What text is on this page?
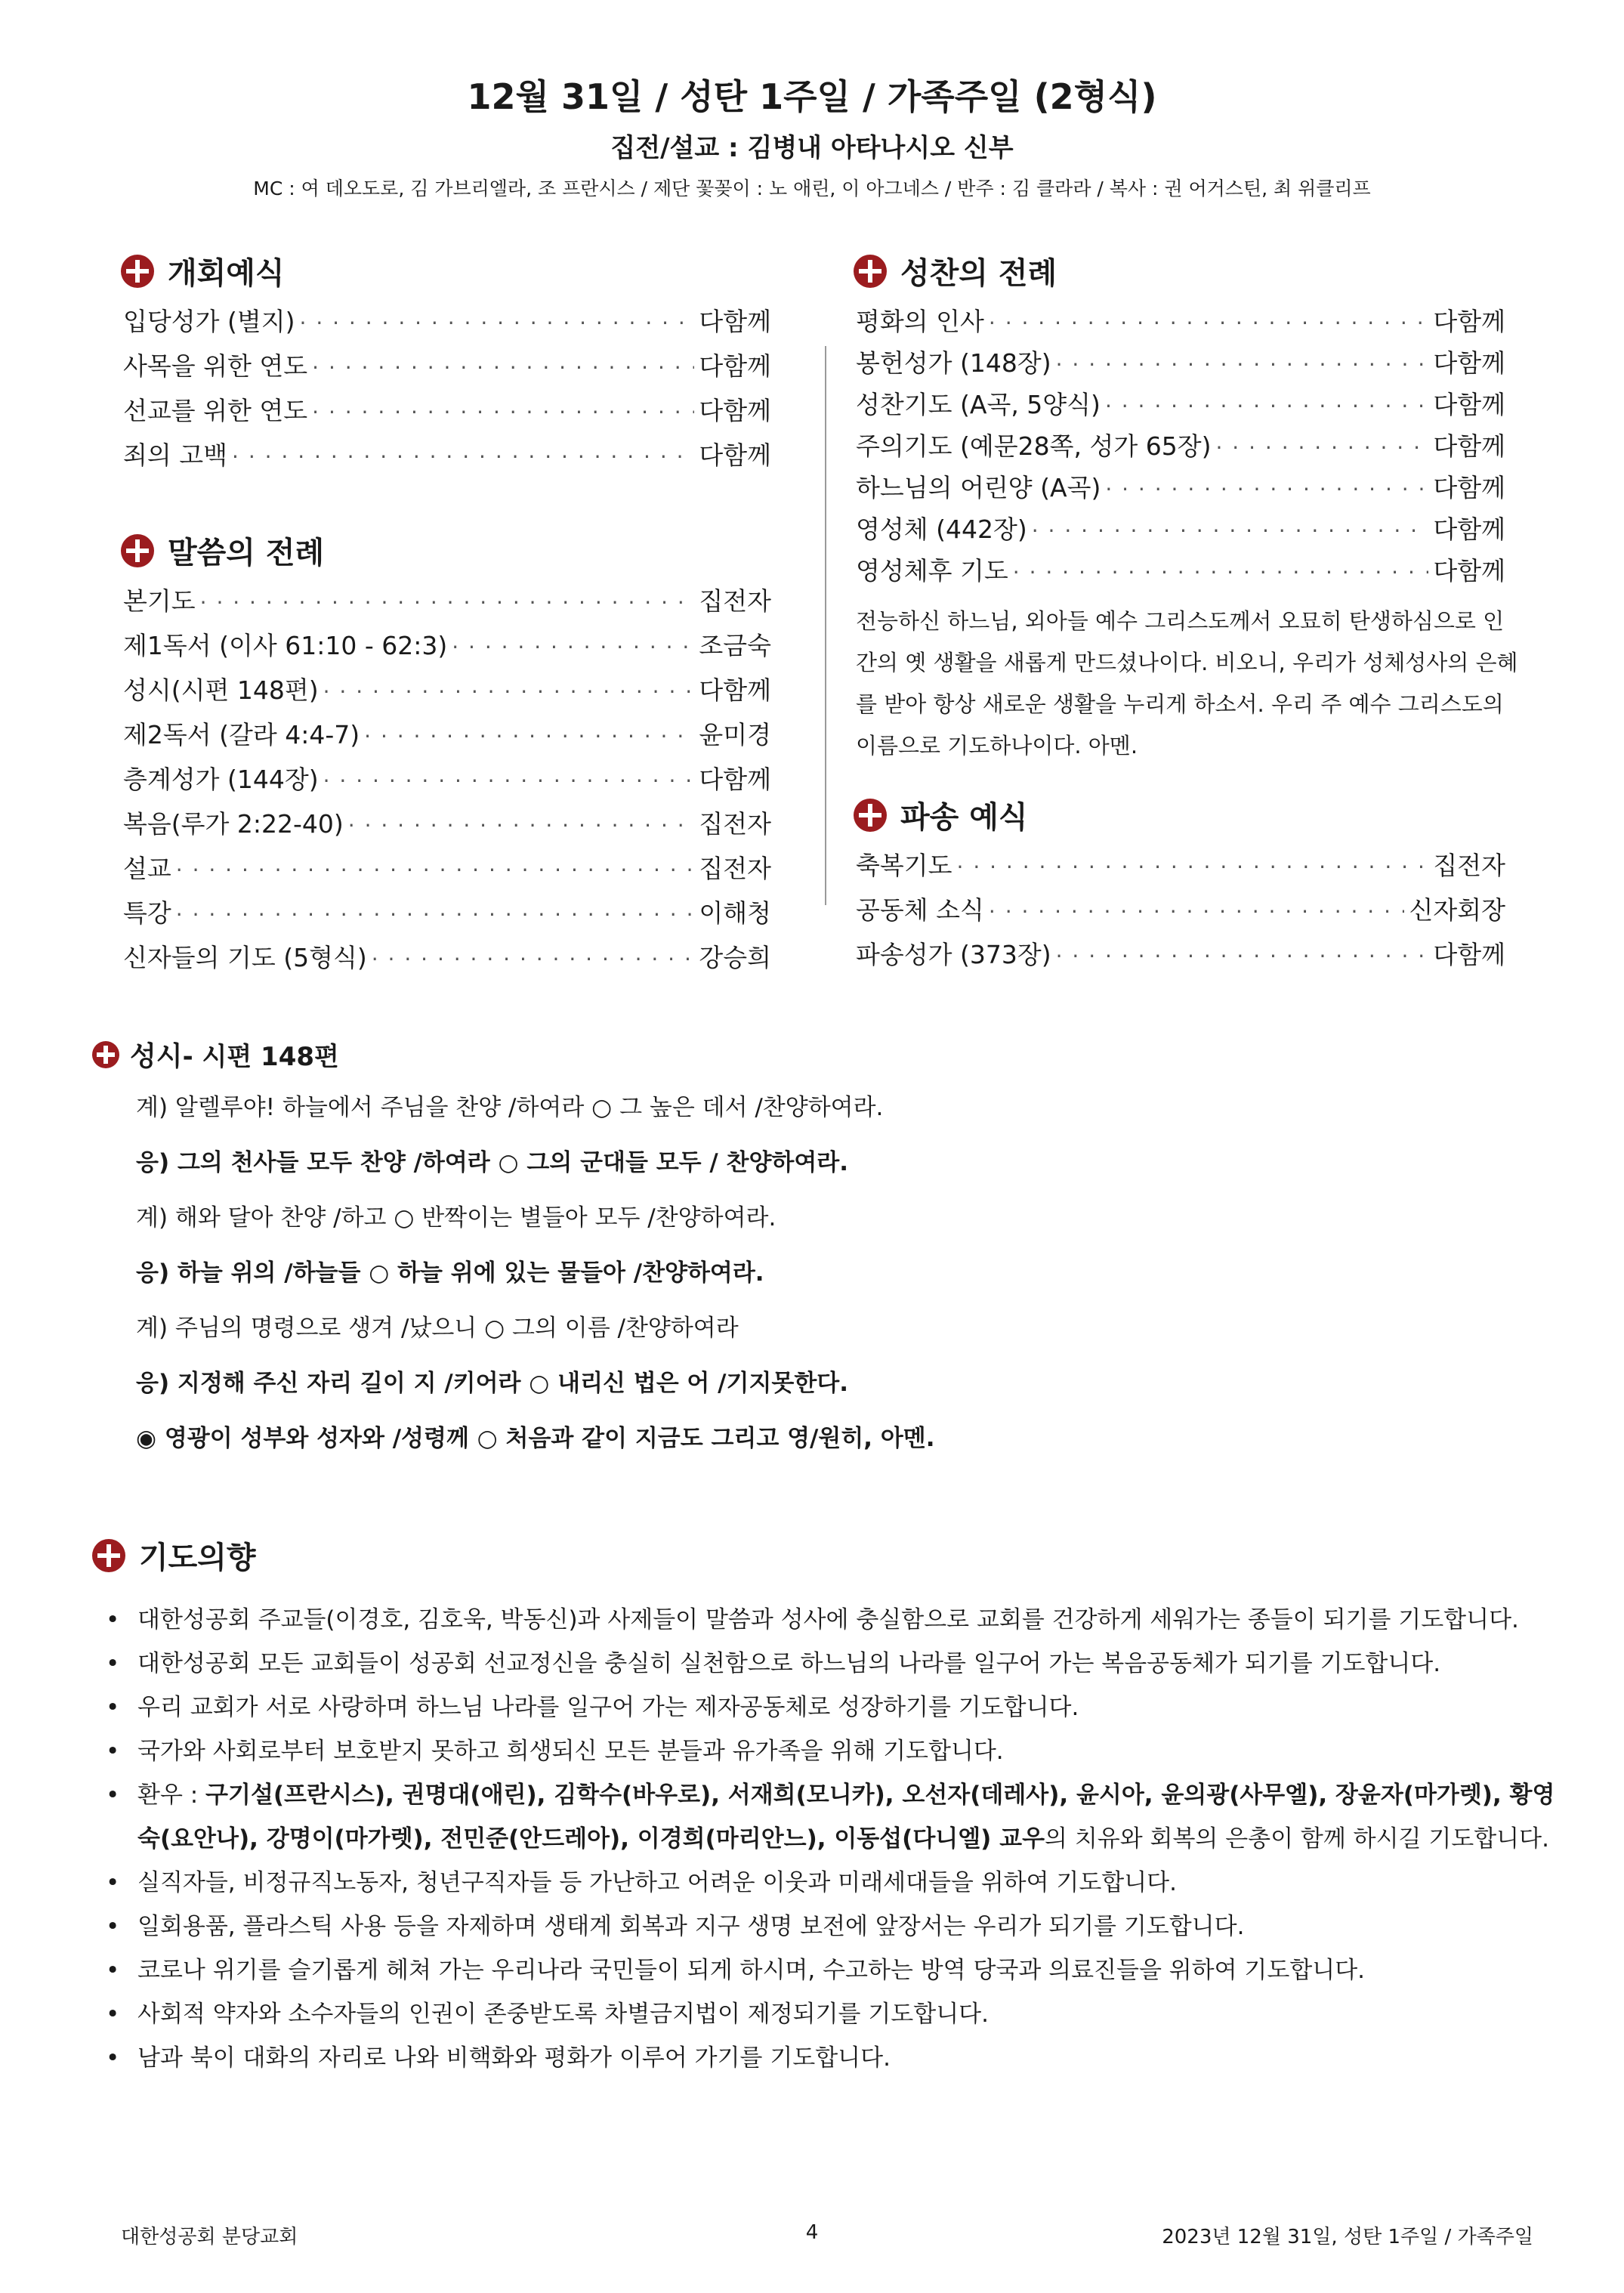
12월 31일 / 성탄 1주일 / 가족주일 (2형식)
집전/설교 : 김병내 아타나시오 신부
MC : 여 데오도로, 김 가브리엘라, 조 프란시스 / 제단 꽃꽂이 : 노 애린, 이 아그네스 / 반주 : 김 클라라 / 복사 : 권 어거스틴, 최 위클리프
개회예식
입당성가 (별지) · · ·	다함께
사목을 위한 연도 · · ·	다함께
선교를 위한 연도 · · ·	다함께
죄의 고백 · · ·	다함께
말씀의 전례
본기도 · · ·	집전자
제1독서 (이사 61:10 - 62:3) · · ·	조금숙
성시(시편 148편) · · ·	다함께
제2독서 (갈라 4:4-7) · · ·	윤미경
층계성가 (144장) · · ·	다함께
복음(루가 2:22-40) · · ·	집전자
설교 · · ·	집전자
특강 · · ·	이해청
신자들의 기도 (5형식) · · ·	강승희
성찬의 전례
평화의 인사 · · ·	다함께
봉헌성가 (148장) · · ·	다함께
성찬기도 (A곡, 5양식) · · ·	다함께
주의기도 (예문28쪽, 성가 65장) · · ·	다함께
하느님의 어린양 (A곡) · · ·	다함께
영성체 (442장) · · ·	다함께
영성체후 기도 · · ·	다함께
전능하신 하느님, 외아들 예수 그리스도께서 오묘히 탄생하심으로 인간의 옛 생활을 새롭게 만드셨나이다. 비오니, 우리가 성체성사의 은혜를 받아 항상 새로운 생활을 누리게 하소서. 우리 주 예수 그리스도의 이름으로 기도하나이다. 아멘.
파송 예식
축복기도 · · ·	집전자
공동체 소식 · · ·	신자회장
파송성가 (373장) · · ·	다함께
성시 - 시편 148편
계) 알렐루야! 하늘에서 주님을 찬양 /하여라 ○ 그 높은 데서 /찬양하여라.
응) 그의 천사들 모두 찬양 /하여라 ○ 그의 군대들 모두 / 찬양하여라.
계) 해와 달아 찬양 /하고 ○ 반짝이는 별들아 모두 /찬양하여라.
응) 하늘 위의 /하늘들 ○ 하늘 위에 있는 물들아 /찬양하여라.
계) 주님의 명령으로 생겨 /났으니 ○ 그의 이름 /찬양하여라
응) 지정해 주신 자리 길이 지 /키어라 ○ 내리신 법은 어 /기지못한다.
◉ 영광이 성부와 성자와 /성령께 ○ 처음과 같이 지금도 그리고 영/원히, 아멘.
기도의향
• 대한성공회 주교들(이경호, 김호욱, 박동신)과 사제들이 말씀과 성사에 충실함으로 교회를 건강하게 세워가는 종들이 되기를 기도합니다.
• 대한성공회 모든 교회들이 성공회 선교정신을 충실히 실천함으로 하느님의 나라를 일구어 가는 복음공동체가 되기를 기도합니다.
• 우리 교회가 서로 사랑하며 하느님 나라를 일구어 가는 제자공동체로 성장하기를 기도합니다.
• 국가와 사회로부터 보호받지 못하고 희생되신 모든 분들과 유가족을 위해 기도합니다.
• 환우 : 구기설(프란시스), 권명대(애린), 김학수(바우로), 서재희(모니카), 오선자(데레사), 윤시아, 윤의광(사무엘), 장윤자(마가렛), 황영숙(요안나), 강명이(마가렛), 전민준(안드레아), 이경희(마리안느), 이동섭(다니엘) 교우의 치유와 회복의 은총이 함께 하시길 기도합니다.
• 실직자들, 비정규직노동자, 청년구직자들 등 가난하고 어려운 이웃과 미래세대들을 위하여 기도합니다.
• 일회용품, 플라스틱 사용 등을 자제하며 생태계 회복과 지구 생명 보전에 앞장서는 우리가 되기를 기도합니다.
• 코로나 위기를 슬기롭게 헤쳐 가는 우리나라 국민들이 되게 하시며, 수고하는 방역 당국과 의료진들을 위하여 기도합니다.
• 사회적 약자와 소수자들의 인권이 존중받도록 차별금지법이 제정되기를 기도합니다.
• 남과 북이 대화의 자리로 나와 비핵화와 평화가 이루어 가기를 기도합니다.
대한성공회 분당교회	4	2023년 12월 31일, 성탄 1주일 / 가족주일
